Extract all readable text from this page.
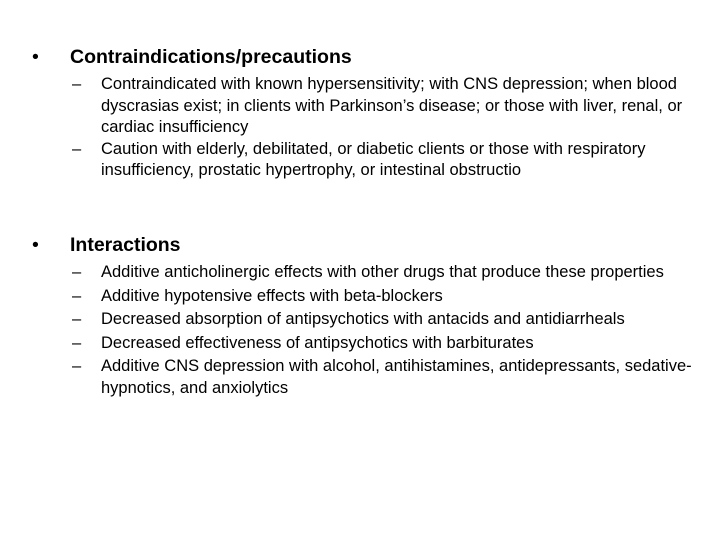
• Contraindications/precautions
– Contraindicated with known hypersensitivity; with CNS depression; when blood dyscrasias exist; in clients with Parkinson’s disease; or those with liver, renal, or cardiac insufficiency
– Caution with elderly, debilitated, or diabetic clients or those with respiratory insufficiency, prostatic hypertrophy, or intestinal obstructio
• Interactions
– Additive anticholinergic effects with other drugs that produce these properties
– Additive hypotensive effects with beta-blockers
– Decreased absorption of antipsychotics with antacids and antidiarrheals
– Decreased effectiveness of antipsychotics with barbiturates
– Additive CNS depression with alcohol, antihistamines, antidepressants, sedative-hypnotics, and anxiolytics
